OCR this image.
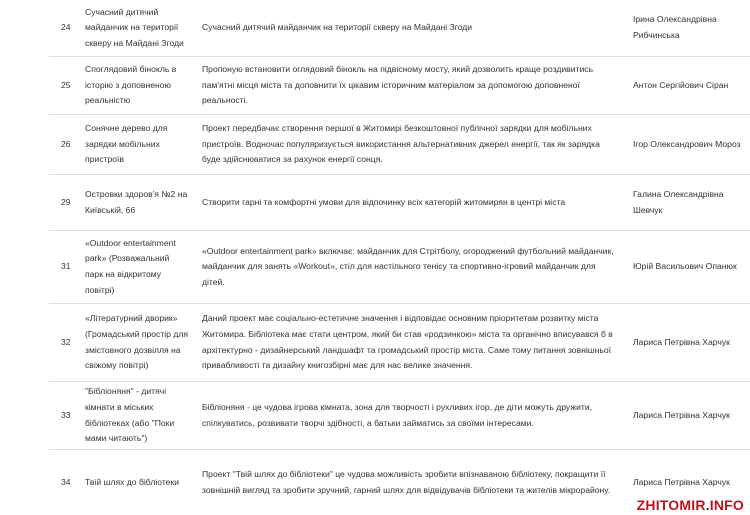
24
Сучасний дитячий майданчик на території скверу на Майдані Згоди
Сучасний дитячий майданчик на території скверу на Майдані Згоди
Ірина Олександрівна Рибчинська
25
Споглядовий бінокль в історію з доповненою реальністю
Пропоную встановити оглядовий бінокль на підвісному мосту, який дозволить краще роздивитись пам'ятні місця міста та доповнити їх цікавим історичним матеріалом за допомогою доповненої реальності.
Антон Сергійович Сіран
26
Сонячне дерево для зарядки мобільних пристроїв
Проект передбачає створення першої в Житомирі безкоштовної публічної зарядки для мобільних пристроїв. Водночас популяризується використання альтернативних джерел енергії, так як зарядка буде здійснюватися за рахунок енергії сонця.
Ігор Олександрович Мороз
29
Островки здоров'я №2 на Київській, 66
Створити гарні та комфортні умови для відпочинку всіх категорій житомирян в центрі міста
Галина Олександрівна Шевчук
31
«Outdoor entertainment park» (Розважальний парк на відкритому повітрі)
«Outdoor entertainment park» включає: майданчик для Стрітболу, огороджений футбольний майданчик, майданчик для занять «Workout», стіл для настільного тенісу та спортивно-ігровий майданчик для дітей.
Юрій Васильович Опанюк
32
«Літературний дворик» (Громадський простір для змістовного дозвілля на свіжому повітрі)
Даний проект має соціально-естетичне значення і відповідає основним пріоритетам розвитку міста Житомира. Бібліотека має стати центром, який би став «родзинкою» міста та органічно вписувався б в архітектурно - дизайнерський ландшафт та громадський простір міста. Саме тому питання зовнішньої привабливості та дизайну книгозбірні має для нас велике значення.
Лариса Петрівна Харчук
33
"Бібліоняня" - дитячі кімнати в міських бібліотеках (або "Поки мами читають")
Бібліоняня - це чудова ігрова кімната, зона для творчості і рухливих ігор, де діти можуть дружити, спілкуватись, розвивати творчі здібності, а батьки займатись за своїми інтересами.
Лариса Петрівна Харчук
34	Твій шлях до бібліотеки
Проект "Твій шлях до бібліотеки" це чудова можливість зробити впізнаваною бібліотеку, покращити її зовнішній вигляд та зробити зручний, гарний шлях для відвідувачів бібліотеки та жителів мікрорайону.
Лариса Петрівна Харчук
ZHITOMIR.INFO
